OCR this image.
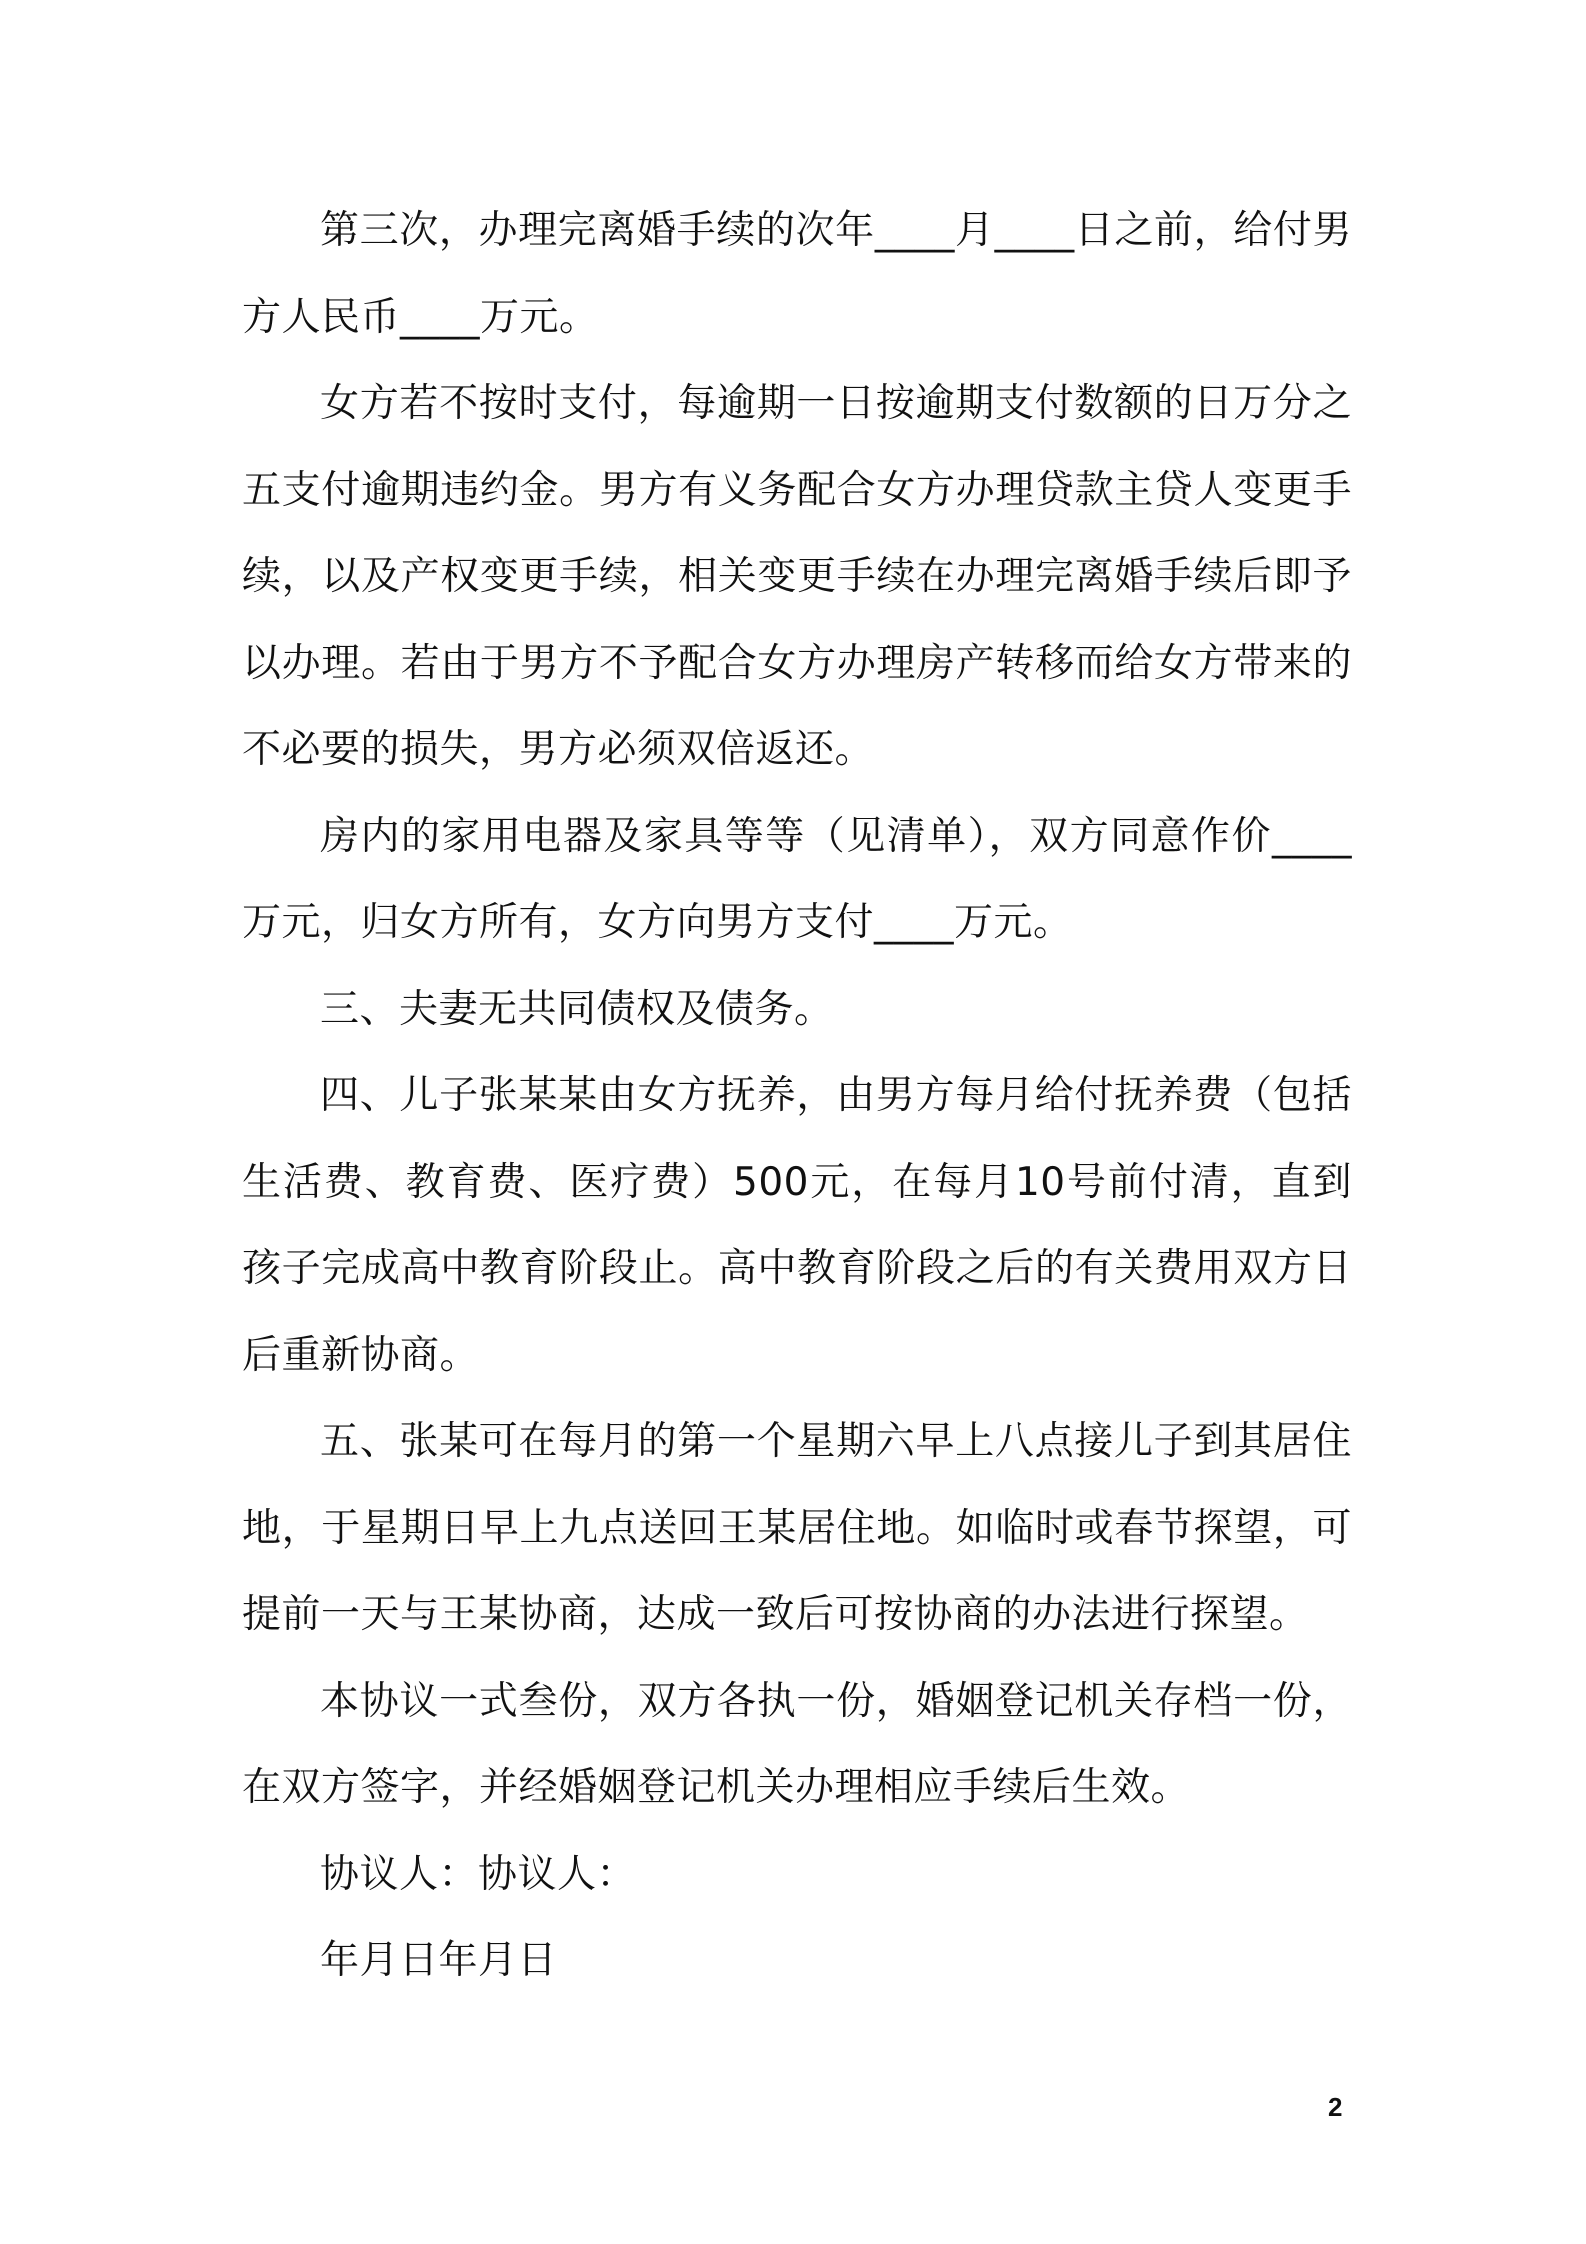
第三次，办理完离婚手续的次年____月____日之前，给付男方人民币____万元。

女方若不按时支付，每逾期一日按逾期支付数额的日万分之五支付逾期违约金。男方有义务配合女方办理贷款主贷人变更手续，以及产权变更手续，相关变更手续在办理完离婚手续后即予以办理。若由于男方不予配合女方办理房产转移而给女方带来的不必要的损失，男方必须双倍返还。

房内的家用电器及家具等等（见清单），双方同意作价____万元，归女方所有，女方向男方支付____万元。

三、夫妻无共同债权及债务。

四、儿子张某某由女方抚养，由男方每月给付抚养费（包括生活费、教育费、医疗费）500元，在每月10号前付清，直到孩子完成高中教育阶段止。高中教育阶段之后的有关费用双方日后重新协商。

五、张某可在每月的第一个星期六早上八点接儿子到其居住地，于星期日早上九点送回王某居住地。如临时或春节探望，可提前一天与王某协商，达成一致后可按协商的办法进行探望。

本协议一式叁份，双方各执一份，婚姻登记机关存档一份，在双方签字，并经婚姻登记机关办理相应手续后生效。

协议人：协议人：

年月日年月日

2
